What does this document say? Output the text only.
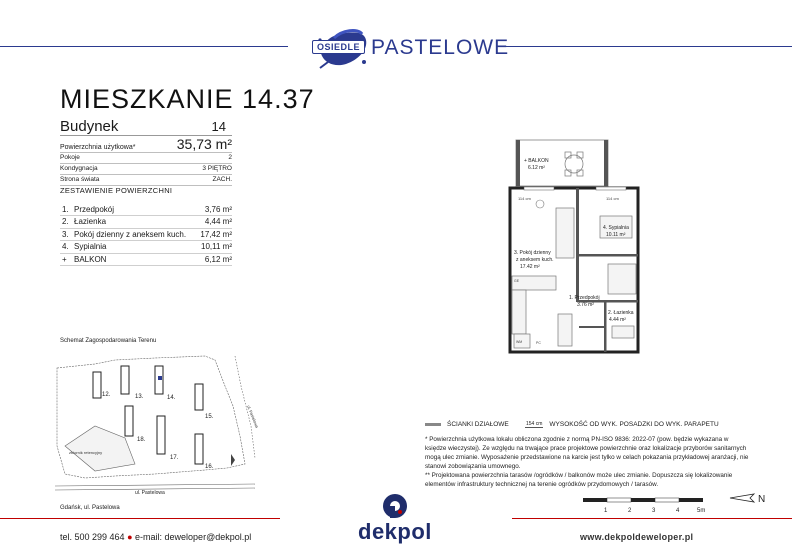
OSIEDLE PASTELOWE
MIESZKANIE 14.37
Budynek	14
Powierzchnia użytkowa*	35,73 m²
Pokoje	2
Kondygnacja	3 PIĘTRO
Strona świata	ZACH.
ZESTAWIENIE POWIERZCHNI
1. Przedpokój	3,76 m²
2. Łazienka	4,44 m²
3. Pokój dzienny z aneksem kuch.	17,42 m²
4. Sypialnia	10,11 m²
+ BALKON	6,12 m²
Schemat Zagospodarowania Terenu
12.	13.	14.
15.
16.
17.
18.
zbiornik retencyjny
ul. Pastelowa
ul. Pastelowa
Gdańsk, ul. Pastelowa
+ BALKON
6.12 m²
114 cm	114 cm
3. Pokój dzienny
z aneksem kuch.
17.42 m²
4. Sypialnia
10.11 m²
1. Przedpokój
3.76 m²
2. Łazienka
4.44 m²
GE
WM	PC
ŚCIANKI DZIAŁOWE	154 cm WYSOKOŚĆ OD WYK. POSADZKI DO WYK. PARAPETU

* Powierzchnia użytkowa lokalu obliczona zgodnie z normą PN-ISO 9836: 2022-07 (pow. będzie wykazana w księdze wieczystej). Ze względu na trwające prace projektowe powierzchnie oraz lokalizacje przyborów sanitarnych mogą ulec zmianie. Wyposażenie przedstawione na karcie jest tylko w celach pokazania przykładowej aranżacji, nie stanowi zobowiązania umownego.

** Projektowana powierzchnia tarasów /ogródków / balkonów może ulec zmianie. Dopuszcza się lokalizowanie elementów infrastruktury technicznej na terenie ogródków przydomowych / tarasów.

N
1	2	3	4	5m
dekpol
tel. 500 299 464 ● e-mail: deweloper@dekpol.pl	www.dekpoldeweloper.pl
